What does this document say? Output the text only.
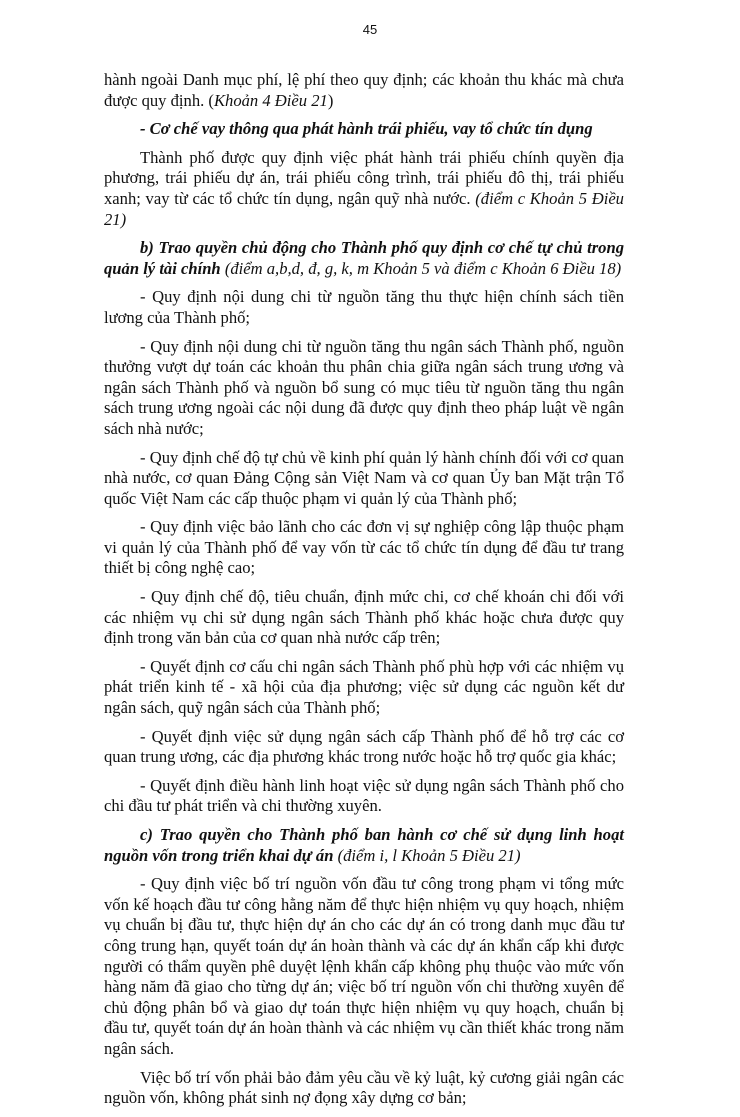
45

hành ngoài Danh mục phí, lệ phí theo quy định; các khoản thu khác mà chưa được quy định. (Khoản 4 Điều 21)

- Cơ chế vay thông qua phát hành trái phiếu, vay tổ chức tín dụng

Thành phố được quy định việc phát hành trái phiếu chính quyền địa phương, trái phiếu dự án, trái phiếu công trình, trái phiếu đô thị, trái phiếu xanh; vay từ các tổ chức tín dụng, ngân quỹ nhà nước. (điểm c Khoản 5 Điều 21)

b) Trao quyền chủ động cho Thành phố quy định cơ chế tự chủ trong quản lý tài chính (điểm a,b,d, đ, g, k, m Khoản 5 và điểm c Khoản 6 Điều 18)

- Quy định nội dung chi từ nguồn tăng thu thực hiện chính sách tiền lương của Thành phố;

- Quy định nội dung chi từ nguồn tăng thu ngân sách Thành phố, nguồn thưởng vượt dự toán các khoản thu phân chia giữa ngân sách trung ương và ngân sách Thành phố và nguồn bổ sung có mục tiêu từ nguồn tăng thu ngân sách trung ương ngoài các nội dung đã được quy định theo pháp luật về ngân sách nhà nước;

- Quy định chế độ tự chủ về kinh phí quản lý hành chính đối với cơ quan nhà nước, cơ quan Đảng Cộng sản Việt Nam và cơ quan Ủy ban Mặt trận Tổ quốc Việt Nam các cấp thuộc phạm vi quản lý của Thành phố;

- Quy định việc bảo lãnh cho các đơn vị sự nghiệp công lập thuộc phạm vi quản lý của Thành phố để vay vốn từ các tổ chức tín dụng để đầu tư trang thiết bị công nghệ cao;

- Quy định chế độ, tiêu chuẩn, định mức chi, cơ chế khoán chi đối với các nhiệm vụ chi sử dụng ngân sách Thành phố khác hoặc chưa được quy định trong văn bản của cơ quan nhà nước cấp trên;

- Quyết định cơ cấu chi ngân sách Thành phố phù hợp với các nhiệm vụ phát triển kinh tế - xã hội của địa phương; việc sử dụng các nguồn kết dư ngân sách, quỹ ngân sách của Thành phố;

- Quyết định việc sử dụng ngân sách cấp Thành phố để hỗ trợ các cơ quan trung ương, các địa phương khác trong nước hoặc hỗ trợ quốc gia khác;

- Quyết định điều hành linh hoạt việc sử dụng ngân sách Thành phố cho chi đầu tư phát triển và chi thường xuyên.

c) Trao quyền cho Thành phố ban hành cơ chế sử dụng linh hoạt nguồn vốn trong triển khai dự án (điểm i, l Khoản 5 Điều 21)

- Quy định việc bố trí nguồn vốn đầu tư công trong phạm vi tổng mức vốn kế hoạch đầu tư công hằng năm để thực hiện nhiệm vụ quy hoạch, nhiệm vụ chuẩn bị đầu tư, thực hiện dự án cho các dự án có trong danh mục đầu tư công trung hạn, quyết toán dự án hoàn thành và các dự án khẩn cấp khi được người có thẩm quyền phê duyệt lệnh khẩn cấp không phụ thuộc vào mức vốn hàng năm đã giao cho từng dự án; việc bố trí nguồn vốn chi thường xuyên để chủ động phân bổ và giao dự toán thực hiện nhiệm vụ quy hoạch, chuẩn bị đầu tư, quyết toán dự án hoàn thành và các nhiệm vụ cần thiết khác trong năm ngân sách.

Việc bố trí vốn phải bảo đảm yêu cầu về kỷ luật, kỷ cương giải ngân các nguồn vốn, không phát sinh nợ đọng xây dựng cơ bản;
